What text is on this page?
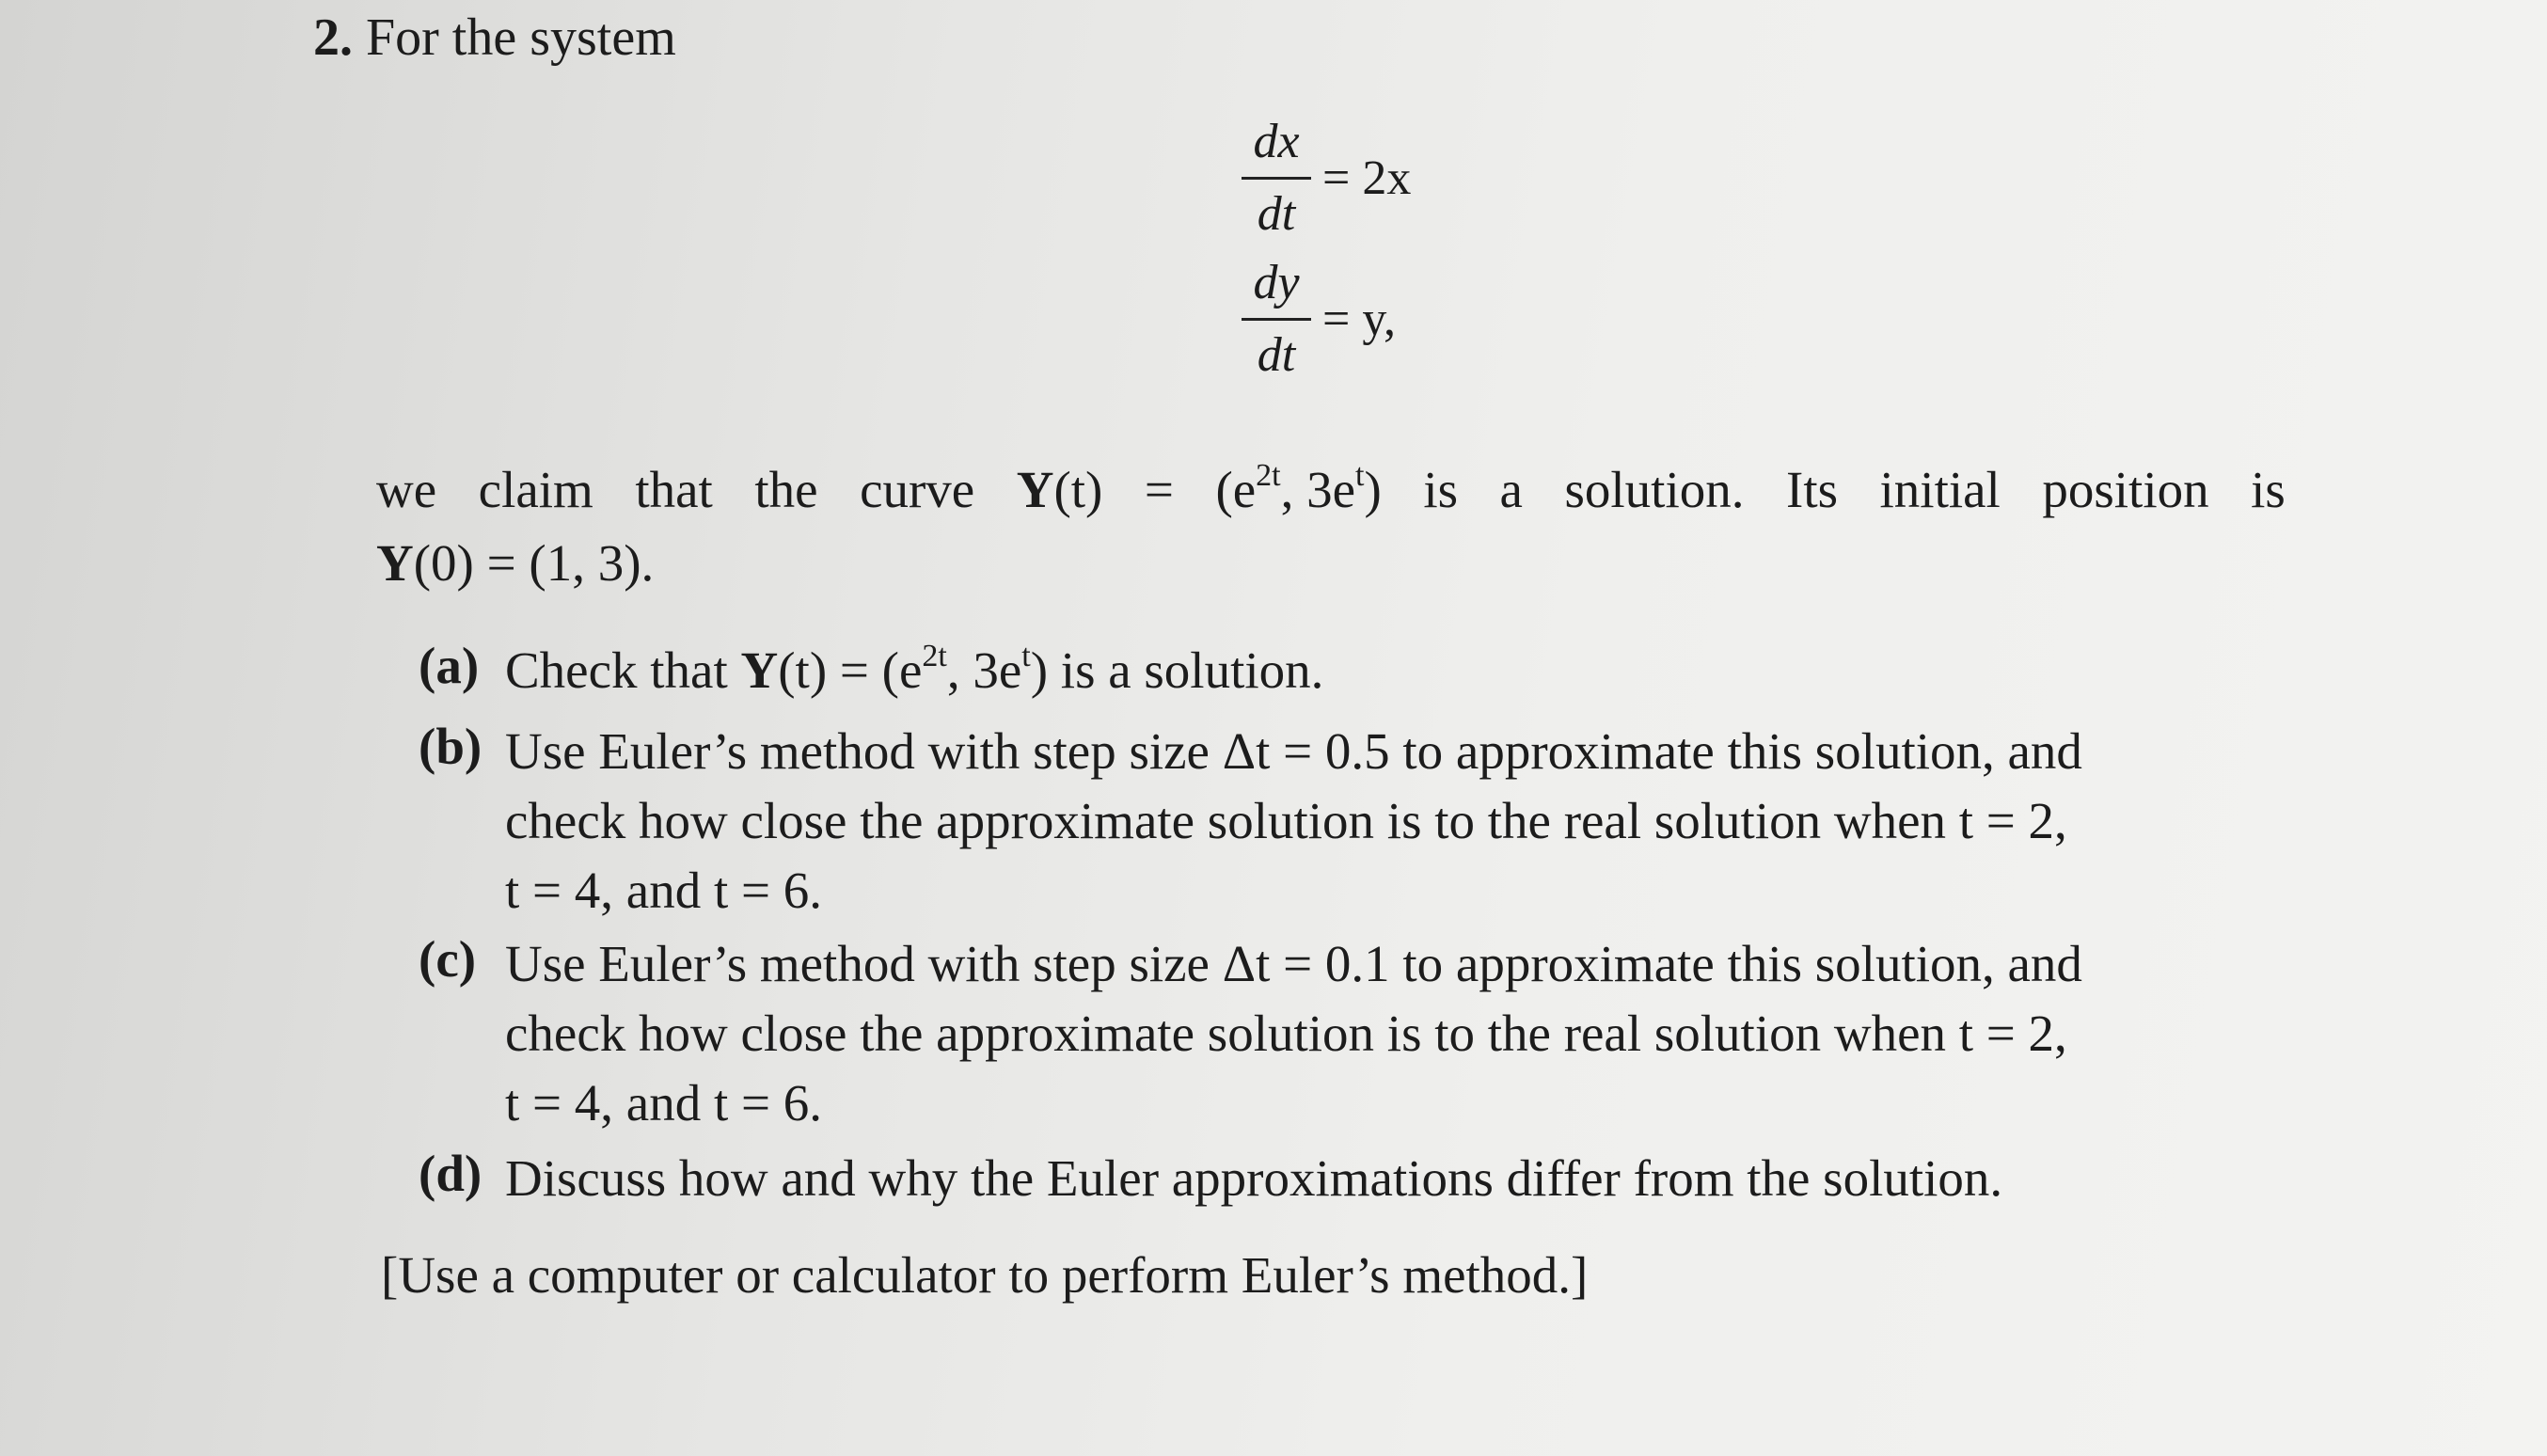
2. For the system
$\frac{dx}{dt} = 2x$
$\frac{dy}{dt} = y$,
we claim that the curve $Y(t) = (e^{2t}$, $3e^t$) is a solution. Its initial position is
Y(0) = (1, 3).
(a) Check that $Y(t) = (e^{2t}$, $3e^t$) is a solution.
(b) Use Euler’s method with step size Δt = 0.5 to approximate this solution, and
check how close the approximate solution is to the real solution when t = 2,
t = 4, and t = 6.
(c) Use Euler’s method with step size Δt = 0.1 to approximate this solution, and
check how close the approximate solution is to the real solution when t = 2,
t = 4, and t = 6.
(d) Discuss how and why the Euler approximations differ from the solution.
[Use a computer or calculator to perform Euler’s method.]
